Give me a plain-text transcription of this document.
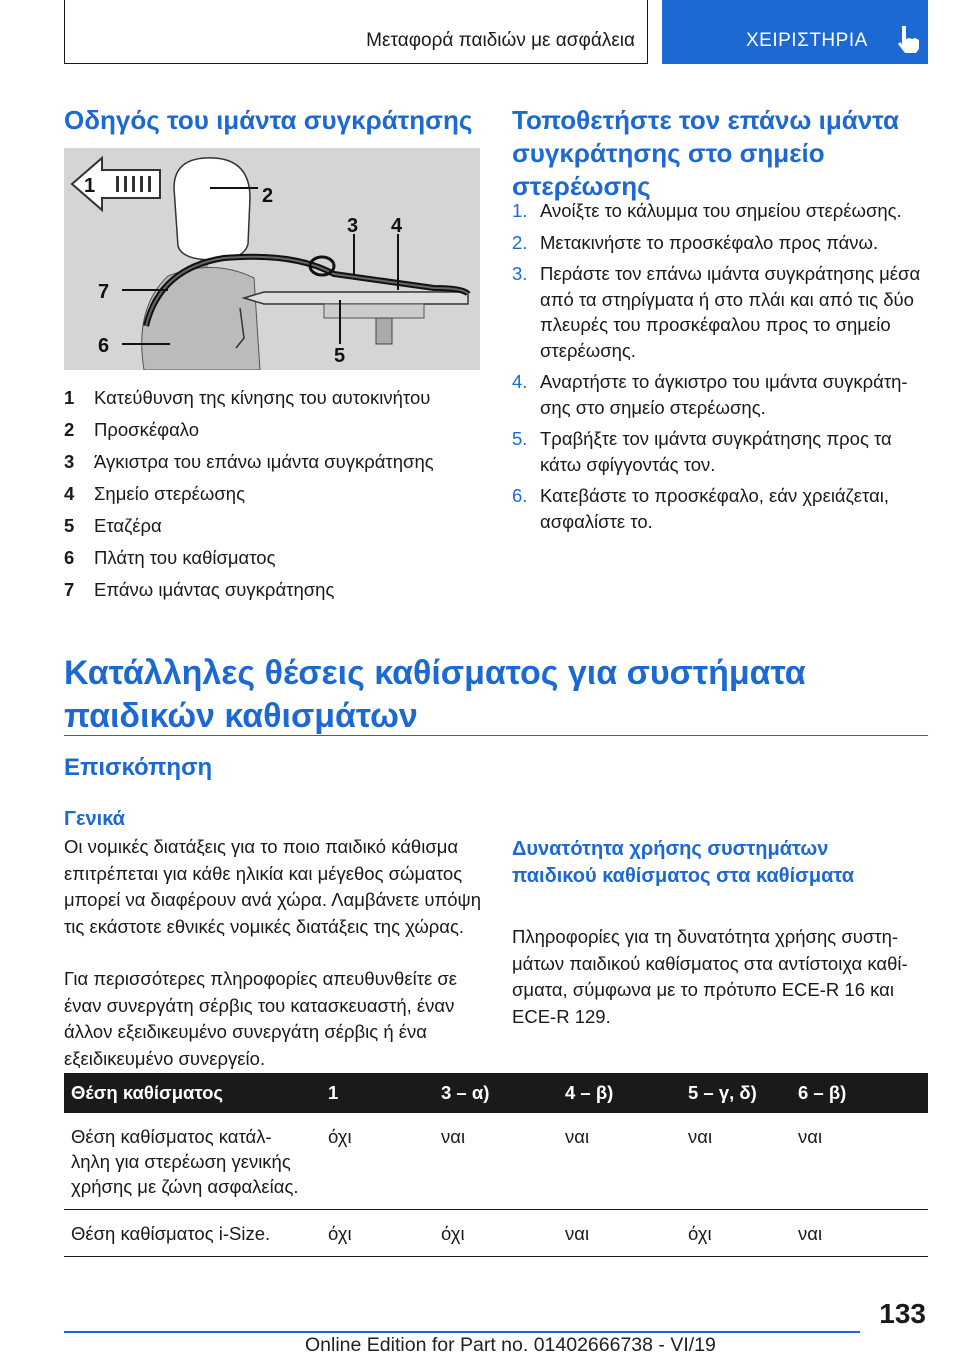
Μεταφορά παιδιών με ασφάλεια	ΧΕΙΡΙΣΤΗΡΙΑ
Οδηγός του ιμάντα συγκράτησης
1	2
3 4
5
6
7
1	Κατεύθυνση της κίνησης του αυτοκινήτου
2	Προσκέφαλο
3	Άγκιστρα του επάνω ιμάντα συγκράτησης
4	Σημείο στερέωσης
5	Εταζέρα
6	Πλάτη του καθίσματος
7	Επάνω ιμάντας συγκράτησης
Τοποθετήστε τον επάνω ιμάντα συγκράτησης στο σημείο στερέωσης
1. Ανοίξτε το κάλυμμα του σημείου στερέωσης.
2. Μετακινήστε το προσκέφαλο προς πάνω.
3. Περάστε τον επάνω ιμάντα συγκράτησης μέσα από τα στηρίγματα ή στο πλάι και από τις δύο πλευρές του προσκέφαλου προς το σημείο στερέωσης.
4. Αναρτήστε το άγκιστρο του ιμάντα συγκράτη-σης στο σημείο στερέωσης.
5. Τραβήξτε τον ιμάντα συγκράτησης προς τα κάτω σφίγγοντάς τον.
6. Κατεβάστε το προσκέφαλο, εάν χρειάζεται, ασφαλίστε το.
Κατάλληλες θέσεις καθίσματος για συστήματα παιδικών καθισμάτων
Επισκόπηση
Γενικά

Οι νομικές διατάξεις για το ποιο παιδικό κάθισμα επιτρέπεται για κάθε ηλικία και μέγεθος σώματος μπορεί να διαφέρουν ανά χώρα. Λαμβάνετε υπόψη τις εκάστοτε εθνικές νομικές διατάξεις της χώρας.

Για περισσότερες πληροφορίες απευθυνθείτε σε έναν συνεργάτη σέρβις του κατασκευαστή, έναν άλλον εξειδικευμένο συνεργάτη σέρβις ή ένα εξειδικευμένο συνεργείο.

Δυνατότητα χρήσης συστημάτων παιδικού καθίσματος στα καθίσματα

Πληροφορίες για τη δυνατότητα χρήσης συστη-μάτων παιδικού καθίσματος στα αντίστοιχα καθί-σματα, σύμφωνα με το πρότυπο ECE-R 16 και ECE-R 129.

Θέση καθίσματος	1	3 – α)	4 – β)	5 – γ, δ)	6 – β)
Θέση καθίσματος κατάλ-ληλη για στερέωση γενικής χρήσης με ζώνη ασφαλείας.	όχι	ναι	ναι	ναι	ναι
Θέση καθίσματος i-Size.	όχι	όχι	ναι	όχι	ναι
133
Online Edition for Part no. 01402666738 - VI/19
